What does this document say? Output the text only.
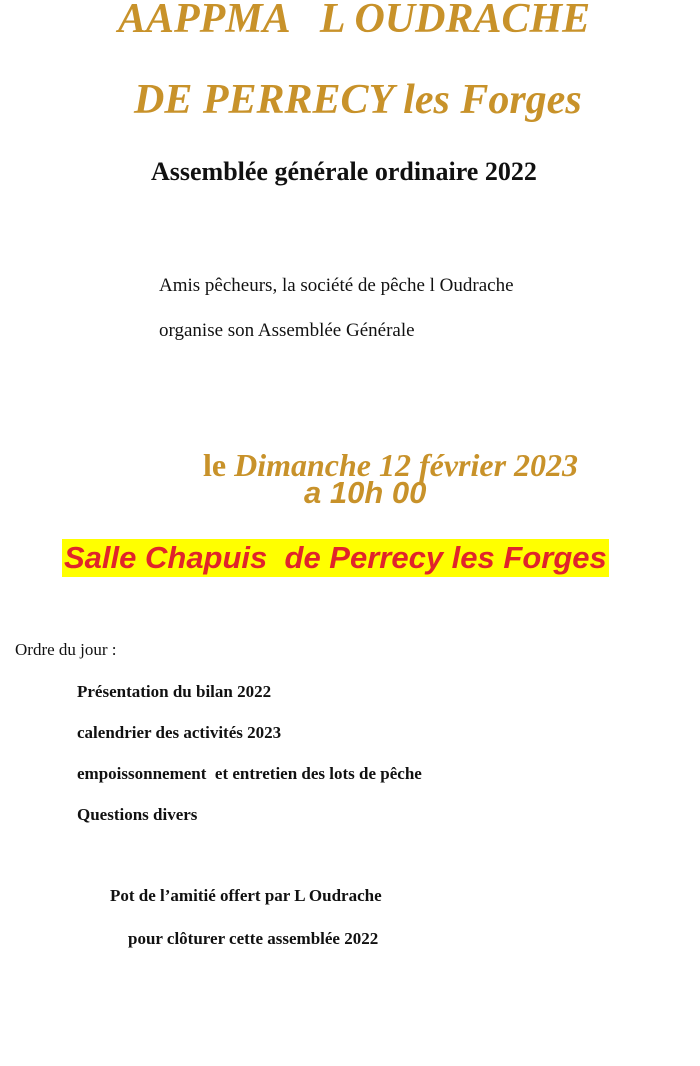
AAPPMA   L OUDRACHE
DE PERRECY les Forges
Assemblée générale ordinaire 2022
Amis pêcheurs, la société de pêche l Oudrache
organise son Assemblée Générale

le Dimanche 12 février 2023

a 10h 00
Salle Chapuis  de Perrecy les Forges
Ordre du jour :
Présentation du bilan 2022
calendrier des activités 2023
empoissonnement  et entretien des lots de pêche
Questions divers
Pot de l’amitié offert par L Oudrache
pour clôturer cette assemblée 2022
